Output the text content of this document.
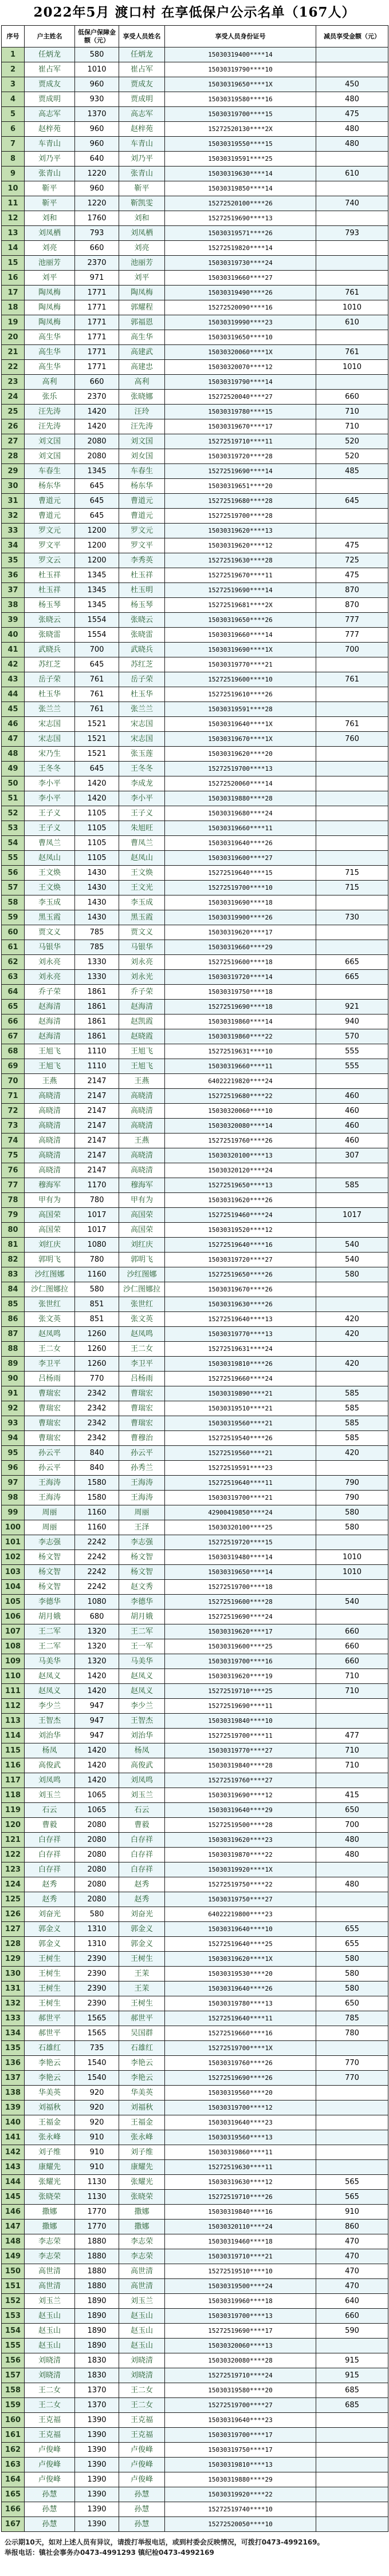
2022年5月 渡口村 在享低保户公示名单（167人）
序号	户主姓名	低保户保障金额（元）	享受人员姓名	享受人员身份证号	减员享受金额（元）
1	任炳龙	580	任炳龙	15030319400****14	
2	崔占军	1010	崔占军	15030319790****10	
3	贾成友	960	贾成友	15030319650****1X	450
4	贾成明	930	贾成明	15030319580****16	480
5	高志军	1370	高志军	15030319700****15	475
6	赵梓苑	960	赵梓苑	15272520130****2X	480
7	车青山	960	车青山	15030319550****15	480
8	刘乃平	640	刘乃平	15030319591****25	
9	张青山	1220	张青山	15030319630****14	610
10	靳平	960	靳平	15030319850****14	
11	靳平	1220	靳凯雯	15272520100****26	740
12	刘和	1760	刘和	15272519690****13	
13	刘凤栖	793	刘凤栖	15030319571****26	793
14	刘亮	660	刘亮	15272519820****14	
15	池丽芳	2370	池丽芳	15030319730****24	
16	刘平	971	刘平	15030319660****27	
17	陶凤梅	1771	陶凤梅	15030319490****26	761
18	陶凤梅	1771	郭耀程	15272520090****16	1010
19	陶凤梅	1771	郭福恩	15030319990****23	610
20	高生华	1771	高生华	15030319650****10	
21	高生华	1771	高建武	15030320060****1X	761
22	高生华	1771	高建忠	15030320070****12	1010
23	高利	660	高利	15030319790****14	
24	张乐	2370	张晓娜	15272520040****27	660
25	汪先涛	1420	汪玲	15030319780****15	710
26	汪先涛	1420	汪先涛	15030319670****17	710
27	刘文国	2080	刘文国	15272519710****11	520
28	刘文国	2080	刘女国	15030319720****28	520
29	车春生	1345	车春生	15272519690****14	485
30	杨东华	645	杨东华	15030319651****20	
31	曹道元	645	曹道元	15272519680****28	645
32	曹道元	645	曹道元	15272519700****28	
33	罗文元	1200	罗文元	15030319620****13	
34	罗文平	1200	罗文平	15030319620****12	475
35	罗文云	1200	李秀英	15272519630****28	725
36	杜玉祥	1345	杜玉祥	15272519670****11	475
37	杜玉祥	1345	杜玉明	15272519690****14	870
38	杨玉琴	1345	杨玉琴	15272519681****2X	870
39	张晓云	1554	张晓云	15030319650****26	777
40	张晓雷	1554	张晓雷	15030319660****14	777
41	武晓兵	700	武晓兵	15030319690****1X	700
42	苏红芝	645	苏红芝	15030319770****21	
43	岳子荣	761	岳子荣	15272519600****10	761
44	杜玉华	761	杜玉华	15272519610****26	
45	张兰兰	761	张兰兰	15030319591****28	
46	宋志国	1521	宋志国	15030319640****1X	761
47	宋志国	1521	宋志国	15030319670****1X	760
48	宋乃生	1521	张玉莲	15030319620****20	
49	王冬冬	645	王冬冬	15272519700****13	
50	李小平	1420	李成龙	15272520060****14	
51	李小平	1420	李小平	15030319880****28	
52	王子义	1105	王子义	15030319680****24	
53	王子义	1105	朱旭旺	15030319660****11	
54	曹凤兰	1105	曹凤兰	15030319640****26	
55	赵凤山	1105	赵凤山	15030319600****27	
56	王文焕	1430	王文焕	15272519640****15	715
57	王文焕	1430	王文光	15272519700****10	715
58	李玉成	1430	李玉成	15030319690****18	
59	黑玉霞	1430	黑玉霞	15030319900****26	730
60	贾文义	785	贾文义	15030319620****17	
61	马银华	785	马银华	15030319660****29	
62	刘永亮	1330	刘永亮	15272519600****18	665
63	刘永亮	1330	刘永光	15030319720****14	665
64	乔子荣	1861	乔子荣	15030319750****18	
65	赵海清	1861	赵海清	15272519690****18	921
66	赵海清	1861	赵凯霞	15030319860****14	940
67	赵海清	1861	赵晓霞	15030319860****22	570
68	王旭飞	1110	王旭飞	15272519631****10	555
69	王旭飞	1110	王旭飞	15030319660****11	555
70	王燕	2147	王燕	64022219820****24	
71	高晓清	2147	高晓清	15272519680****22	460
72	高晓清	2147	高晓清	15030320060****10	460
73	高晓清	2147	高晓清	15030320080****14	460
74	高晓清	2147	王燕	15272519760****26	460
75	高晓清	2147	高晓清	15030320100****13	307
76	高晓清	2147	高晓清	15030320120****24	
77	穆海军	1170	穆海军	15272519650****13	585
78	甲有为	780	甲有为	15030319620****26	
79	高国荣	1017	高国荣	15272519460****24	1017
80	高国荣	1017	高国荣	15030319520****12	
81	刘红庆	1080	刘红庆	15272519640****16	540
82	郭明飞	780	郭明飞	15030319720****27	540
83	沙红图娜	1160	沙红图娜	15272519650****26	580
84	沙仁图娜拉	580	沙仁图娜拉	15030319670****26	
85	张世红	851	张世红	15030319630****26	
86	张文英	851	张文英	15272519640****13	420
87	赵凤鸣	1260	赵凤鸣	15030319770****13	420
88	王二女	1260	王二女	15272519631****24	
89	李卫平	1260	李卫平	15030319810****26	420
90	吕杨雨	770	吕杨雨	15272519660****24	
91	曹瑞宏	2342	曹瑞宏	15030319890****21	585
92	曹瑞宏	2342	曹瑞宏	15030319510****21	585
93	曹瑞宏	2342	曹瑞宏	15030319560****21	585
94	曹瑞宏	2342	曹穆治	15272519540****26	585
95	孙云平	840	孙云平	15272519560****21	420
96	孙云平	840	孙秀兰	15272519591****23	
97	王海涛	1580	王海涛	15272519640****11	790
98	王海涛	1580	王海涛	15030319700****21	790
99	周丽	1160	周丽	42900419850****24	580
100	周丽	1160	王泽	15030320100****25	580
101	李志强	2242	李志强	15272519720****15	
102	杨文智	2242	杨文智	15030319480****14	1010
103	杨文智	2242	杨文智	15030319650****14	1010
104	杨文智	2242	赵文秀	15272519700****18	
105	李德华	1080	李德华	15272519600****28	540
106	胡月娥	680	胡月娥	15272519690****24	
107	王二军	1320	王二军	15030319620****17	660
108	王二军	1320	王一军	15030319600****25	660
109	马美华	1320	马美华	15030319700****16	660
110	赵凤义	1420	赵凤义	15030319620****19	710
111	赵凤义	1420	赵凤义	15272519710****25	710
112	李少兰	947	李少兰	15272519690****11	
113	王智杰	947	王智杰	15030319840****10	
114	刘治华	947	刘治华	15272519700****11	477
115	杨凤	1420	杨凤	15030319770****27	710
116	高俊武	1420	高俊武	15030319840****28	710
117	刘凤鸣	1420	刘凤鸣	15272519760****27	
118	刘玉兰	1065	刘玉兰	15030319690****12	415
119	石云	1065	石云	15030319640****29	650
120	曹毅	2080	曹毅	15272519500****28	700
121	白存祥	2080	白存祥	15030319620****23	480
122	白存祥	2080	白存祥	15030319870****22	480
123	白存祥	2080	白存祥	15030319920****1X	
124	赵秀	2080	赵秀	15272519750****22	480
125	赵秀	2080	赵秀	15030319750****27	
126	刘奋光	580	刘奋光	64022219800****23	
127	郭金义	1310	郭金义	15030319640****10	655
128	郭金义	1310	郭金义	15272519640****25	655
129	王树生	2390	王树生	15030319620****1X	580
130	王树生	2390	王茉	15030319530****20	580
131	王树生	2390	王茉	15030319640****26	580
132	王树生	2390	王树生	15030319780****13	650
133	郝世平	1565	郝世平	15272519640****11	785
134	郝世平	1565	吴国群	15272519660****16	780
135	石雄红	735	石雄红	15272519700****1X	
136	李艳云	1540	李艳云	15030319760****26	770
137	李艳云	1540	李艳云	15272519690****26	770
138	华美英	920	华美英	15030319560****20	
139	刘福秋	920	刘福秋	15030319700****12	
140	王福金	920	王福金	15030319640****23	
141	张永峰	910	张永峰	15030319560****13	
142	刘子维	910	刘子维	15030319860****11	
143	康耀先	910	康耀先	15272519630****11	
144	张耀光	1130	张耀光	15030319630****12	565
145	张晓荣	1130	张晓荣	15272519710****26	565
146	撒娜	1770	撒娜	15030319840****16	910
147	撒娜	1770	撒娜	15030320110****24	860
148	李志荣	1880	李志荣	15030319460****18	470
149	李志荣	1880	李志荣	15030319710****21	470
150	高世清	1880	高世清	15272519510****10	470
151	高世清	1880	高世清	15030319500****24	470
152	刘玉兰	1890	刘玉兰	15030319960****18	640
153	赵玉山	1890	赵玉山	15030319700****13	660
154	赵玉山	1890	赵玉山	15272519690****17	590
155	赵玉山	1890	赵玉山	15030320060****13	
156	刘晓清	1830	刘晓清	15030320080****28	915
157	刘晓清	1830	刘晓清	15272519710****24	915
158	王二女	1370	王二女	15030319580****20	685
159	王二女	1370	王二女	15272519700****27	685
160	王克福	1390	王克福	15030319640****23	
161	王克福	1390	王克福	15030319700****17	
162	卢俊峰	1390	卢俊峰	15030319750****17	
163	卢俊峰	1390	卢俊峰	15030319810****13	
164	卢俊峰	1390	卢俊峰	15030319880****29	
165	孙慧	1390	孙慧	15030319920****22	
166	孙慧	1390	孙慧	15272519740****10	
167	孙慧	1390	孙慧	15272520050****10	
公示期10天，如对上述人员有异议，请拨打举报电话，或到村委会反映情况，可拨打0473-4992169。
举报电话：镇社会事务办0473-4991293 镇纪检0473-4992169
